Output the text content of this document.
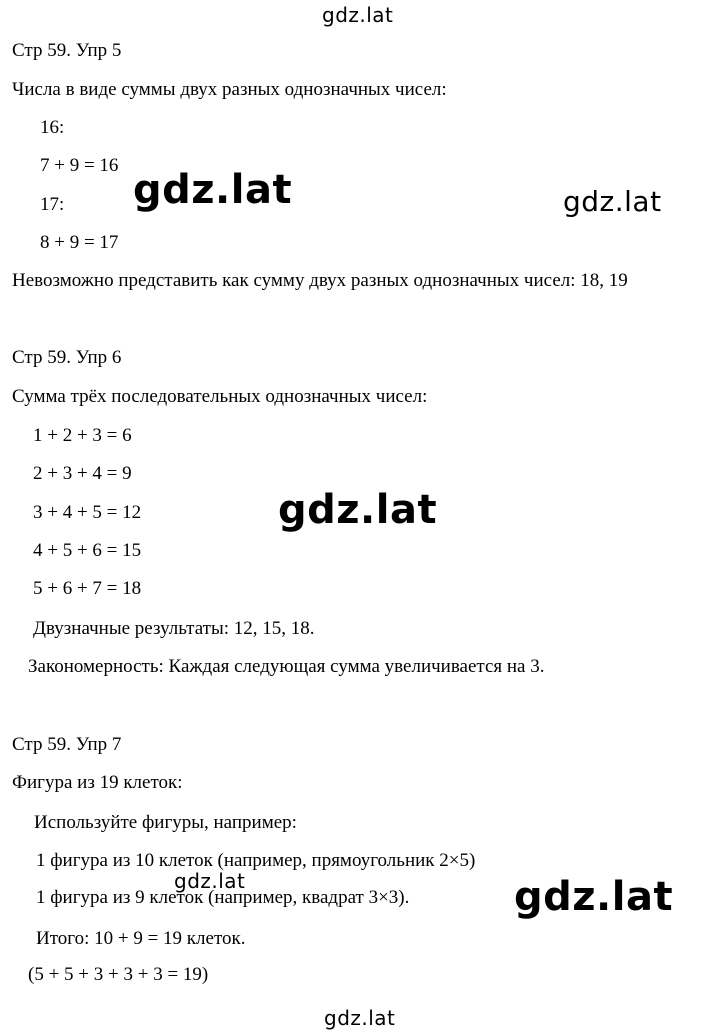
gdz.lat
Стр 59. Упр 5
Числа в виде суммы двух разных однозначных чисел:
16:
7 + 9 = 16
17:
8 + 9 = 17
Невозможно представить как сумму двух разных однозначных чисел: 18, 19
gdz.lat	gdz.lat
Стр 59. Упр 6
Сумма трёх последовательных однозначных чисел:
1 + 2 + 3 = 6
2 + 3 + 4 = 9
3 + 4 + 5 = 12
4 + 5 + 6 = 15
5 + 6 + 7 = 18
Двузначные результаты: 12, 15, 18.
Закономерность: Каждая следующая сумма увеличивается на 3.
gdz.lat
Стр 59. Упр 7
Фигура из 19 клеток:
Используйте фигуры, например:
1 фигура из 10 клеток (например, прямоугольник 2×5)
1 фигура из 9 клеток (например, квадрат 3×3).
Итого: 10 + 9 = 19 клеток.
(5 + 5 + 3 + 3 + 3 = 19)
gdz.lat	gdz.lat
gdz.lat
